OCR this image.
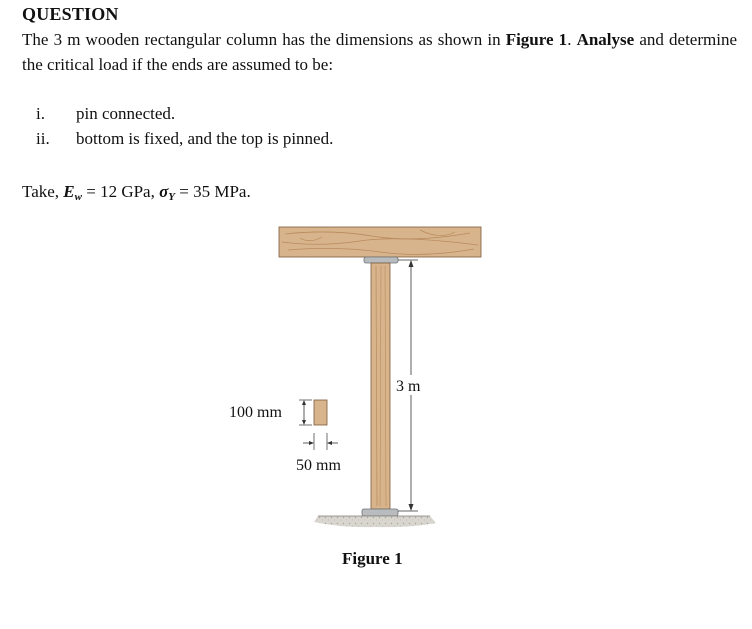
QUESTION
The 3 m wooden rectangular column has the dimensions as shown in Figure 1. Analyse and determine the critical load if the ends are assumed to be:
i.	pin connected.
ii.	bottom is fixed, and the top is pinned.
Take, $E_w = 12$ GPa, $\sigma_Y = 35$ MPa.
3 m
100 mm
50 mm
Figure 1
